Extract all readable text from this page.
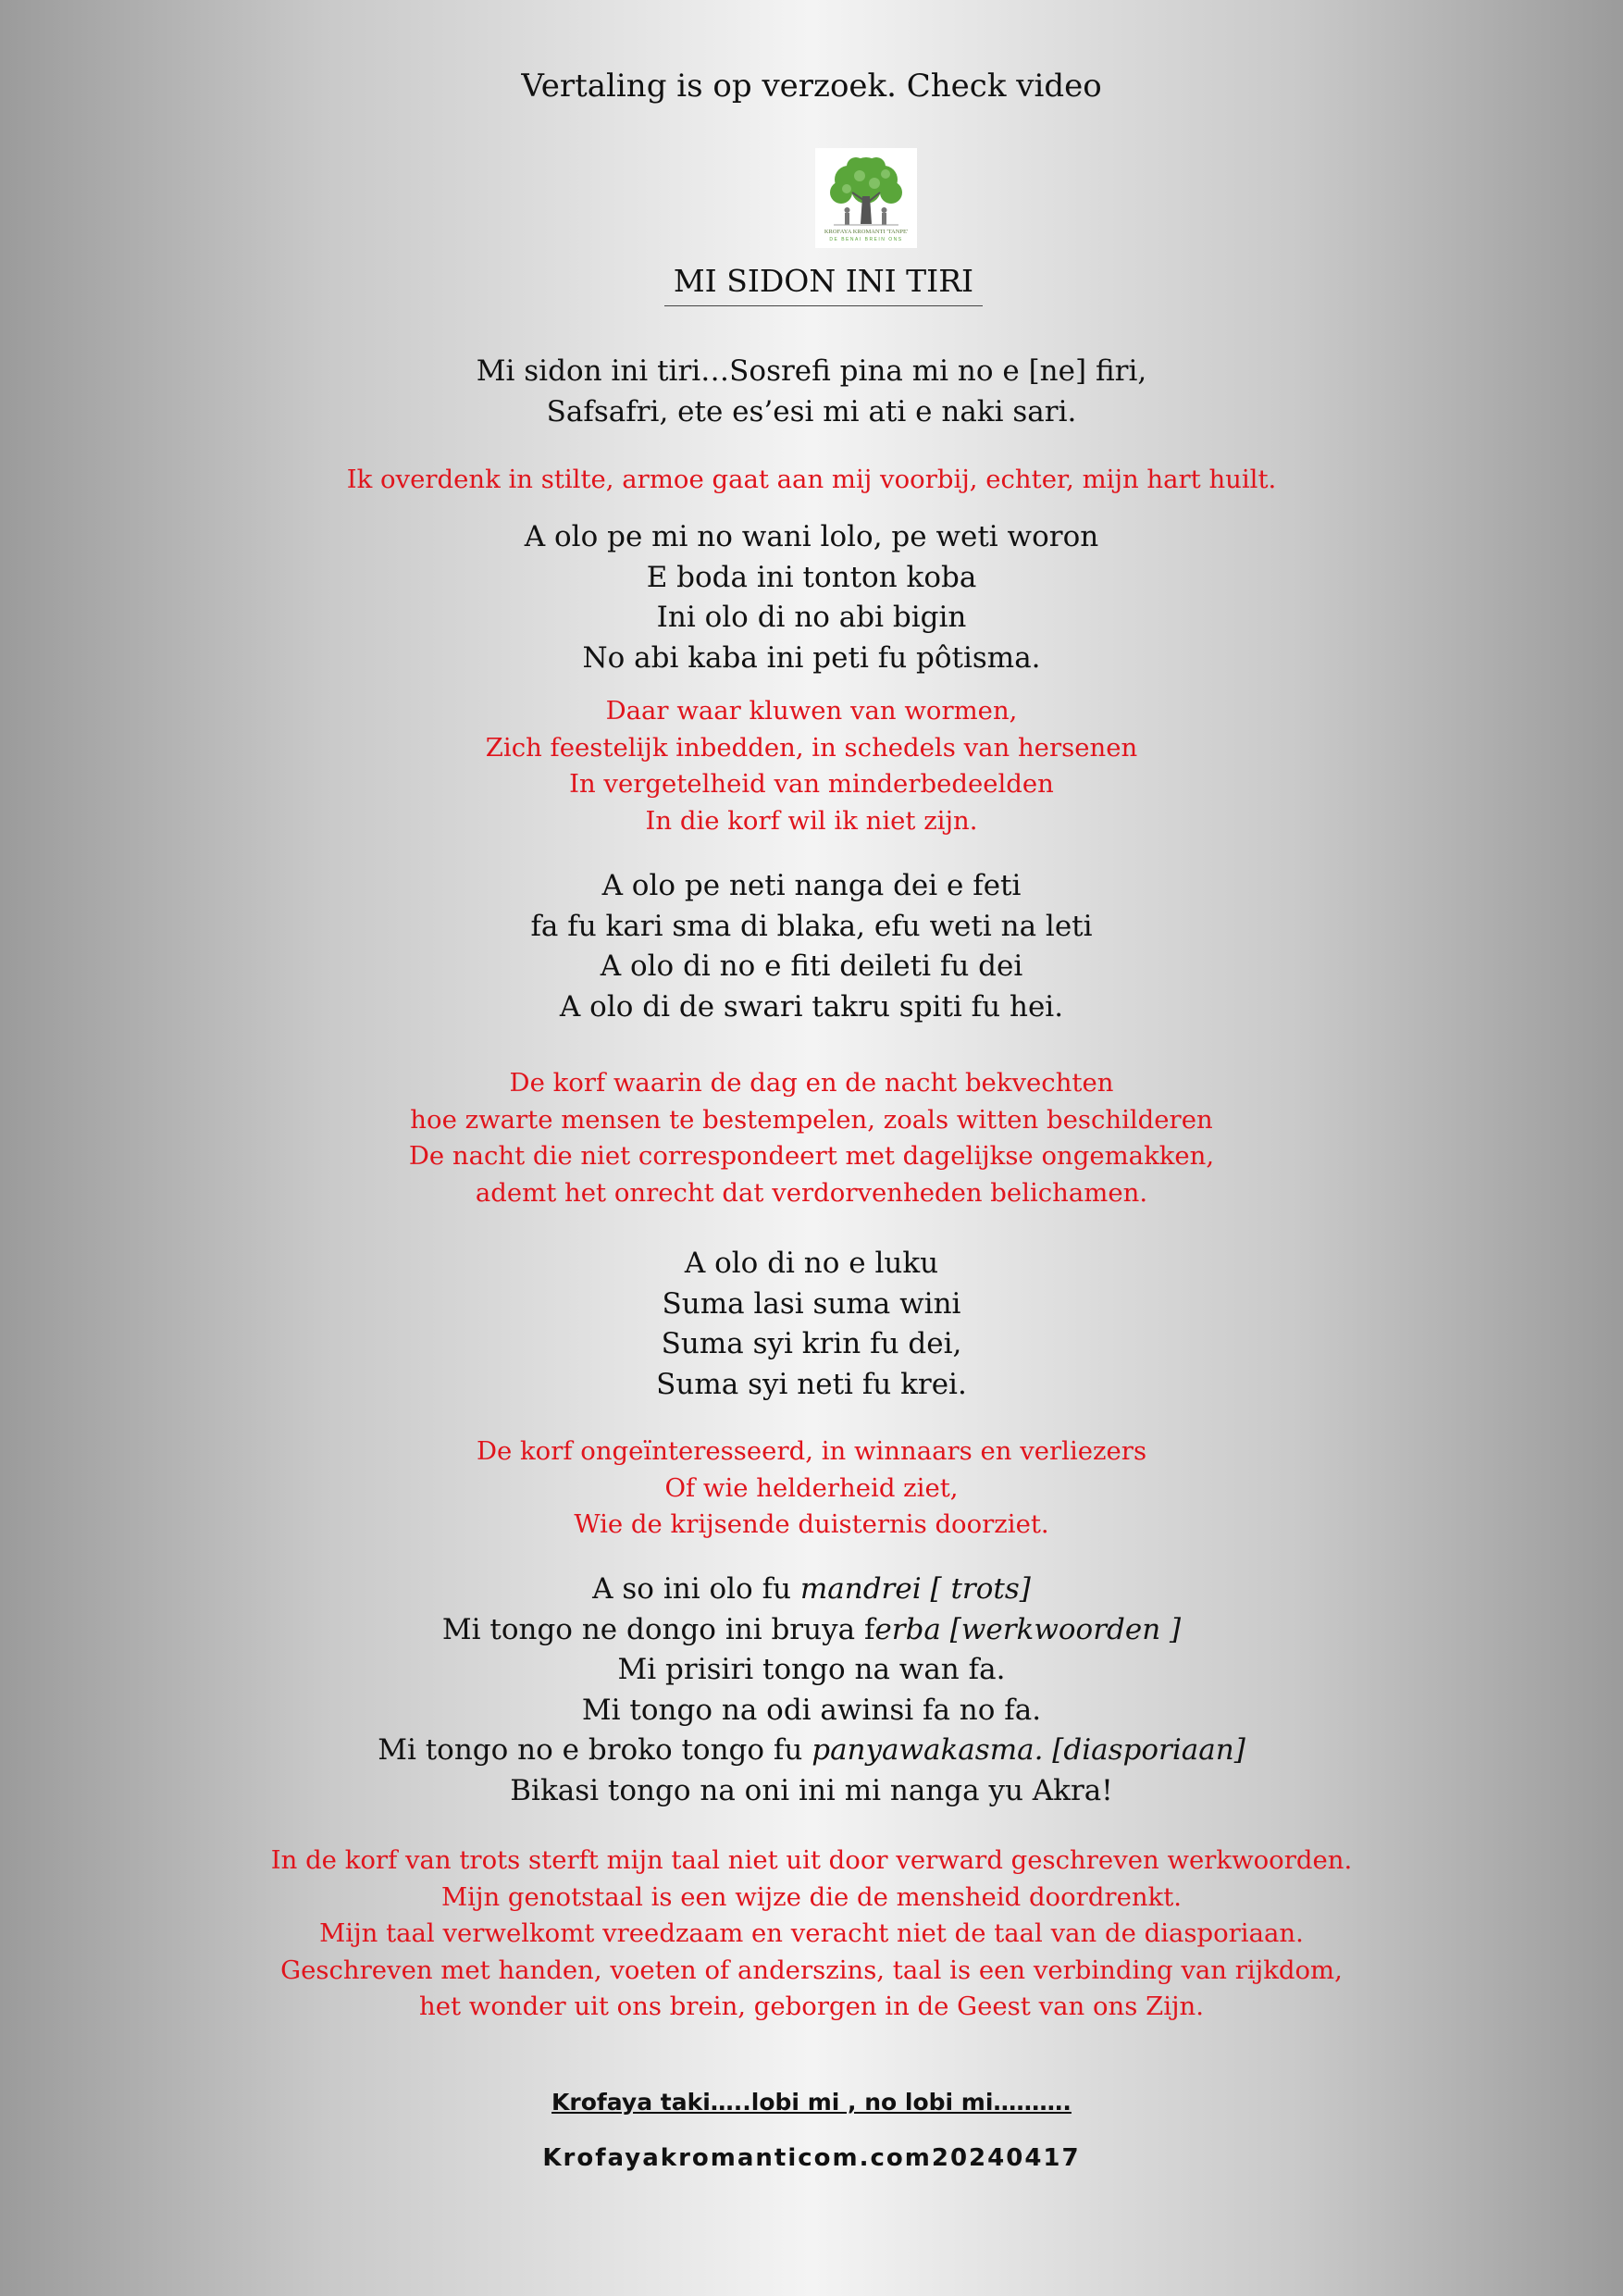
Vertaling is op verzoek. Check video
KROFAYA KROMANTI 'TANPE'
DE BENAI BREIN ONS
MI SIDON INI TIRI
Mi sidon ini tiri…Sosrefi pina mi no e [ne] firi,
Safsafri, ete es’esi mi ati e naki sari.
Ik overdenk in stilte, armoe gaat aan mij voorbij, echter, mijn hart huilt.
A olo pe mi no wani lolo, pe weti woron
E boda ini tonton koba
Ini olo di no abi bigin
No abi kaba ini peti fu pôtisma.
Daar waar kluwen van wormen,
Zich feestelijk inbedden, in schedels van hersenen
In vergetelheid van minderbedeelden
In die korf wil ik niet zijn.
A olo pe neti nanga dei e feti
fa fu kari sma di blaka, efu weti na leti
A olo di no e fiti deileti fu dei
A olo di de swari takru spiti fu hei.
De korf waarin de dag en de nacht bekvechten
hoe zwarte mensen te bestempelen, zoals witten beschilderen
De nacht die niet correspondeert met dagelijkse ongemakken,
ademt het onrecht dat verdorvenheden belichamen.
A olo di no e luku
Suma lasi suma wini
Suma syi krin fu dei,
Suma syi neti fu krei.
De korf ongeïnteresseerd, in winnaars en verliezers
Of wie helderheid ziet,
Wie de krijsende duisternis doorziet.
A so ini olo fu mandrei [ trots]
Mi tongo ne dongo ini bruya ferba [werkwoorden ]
Mi prisiri tongo na wan fa.
Mi tongo na odi awinsi fa no fa.
Mi tongo no e broko tongo fu panyawakasma. [diasporiaan]
Bikasi tongo na oni ini mi nanga yu Akra!
In de korf van trots sterft mijn taal niet uit door verward geschreven werkwoorden.
Mijn genotstaal is een wijze die de mensheid doordrenkt.
Mijn taal verwelkomt vreedzaam en veracht niet de taal van de diasporiaan.
Geschreven met handen, voeten of anderszins, taal is een verbinding van rijkdom,
het wonder uit ons brein, geborgen in de Geest van ons Zijn.
Krofaya taki…..lobi mi , no lobi mi……….
Krofayakromanticom.com20240417
